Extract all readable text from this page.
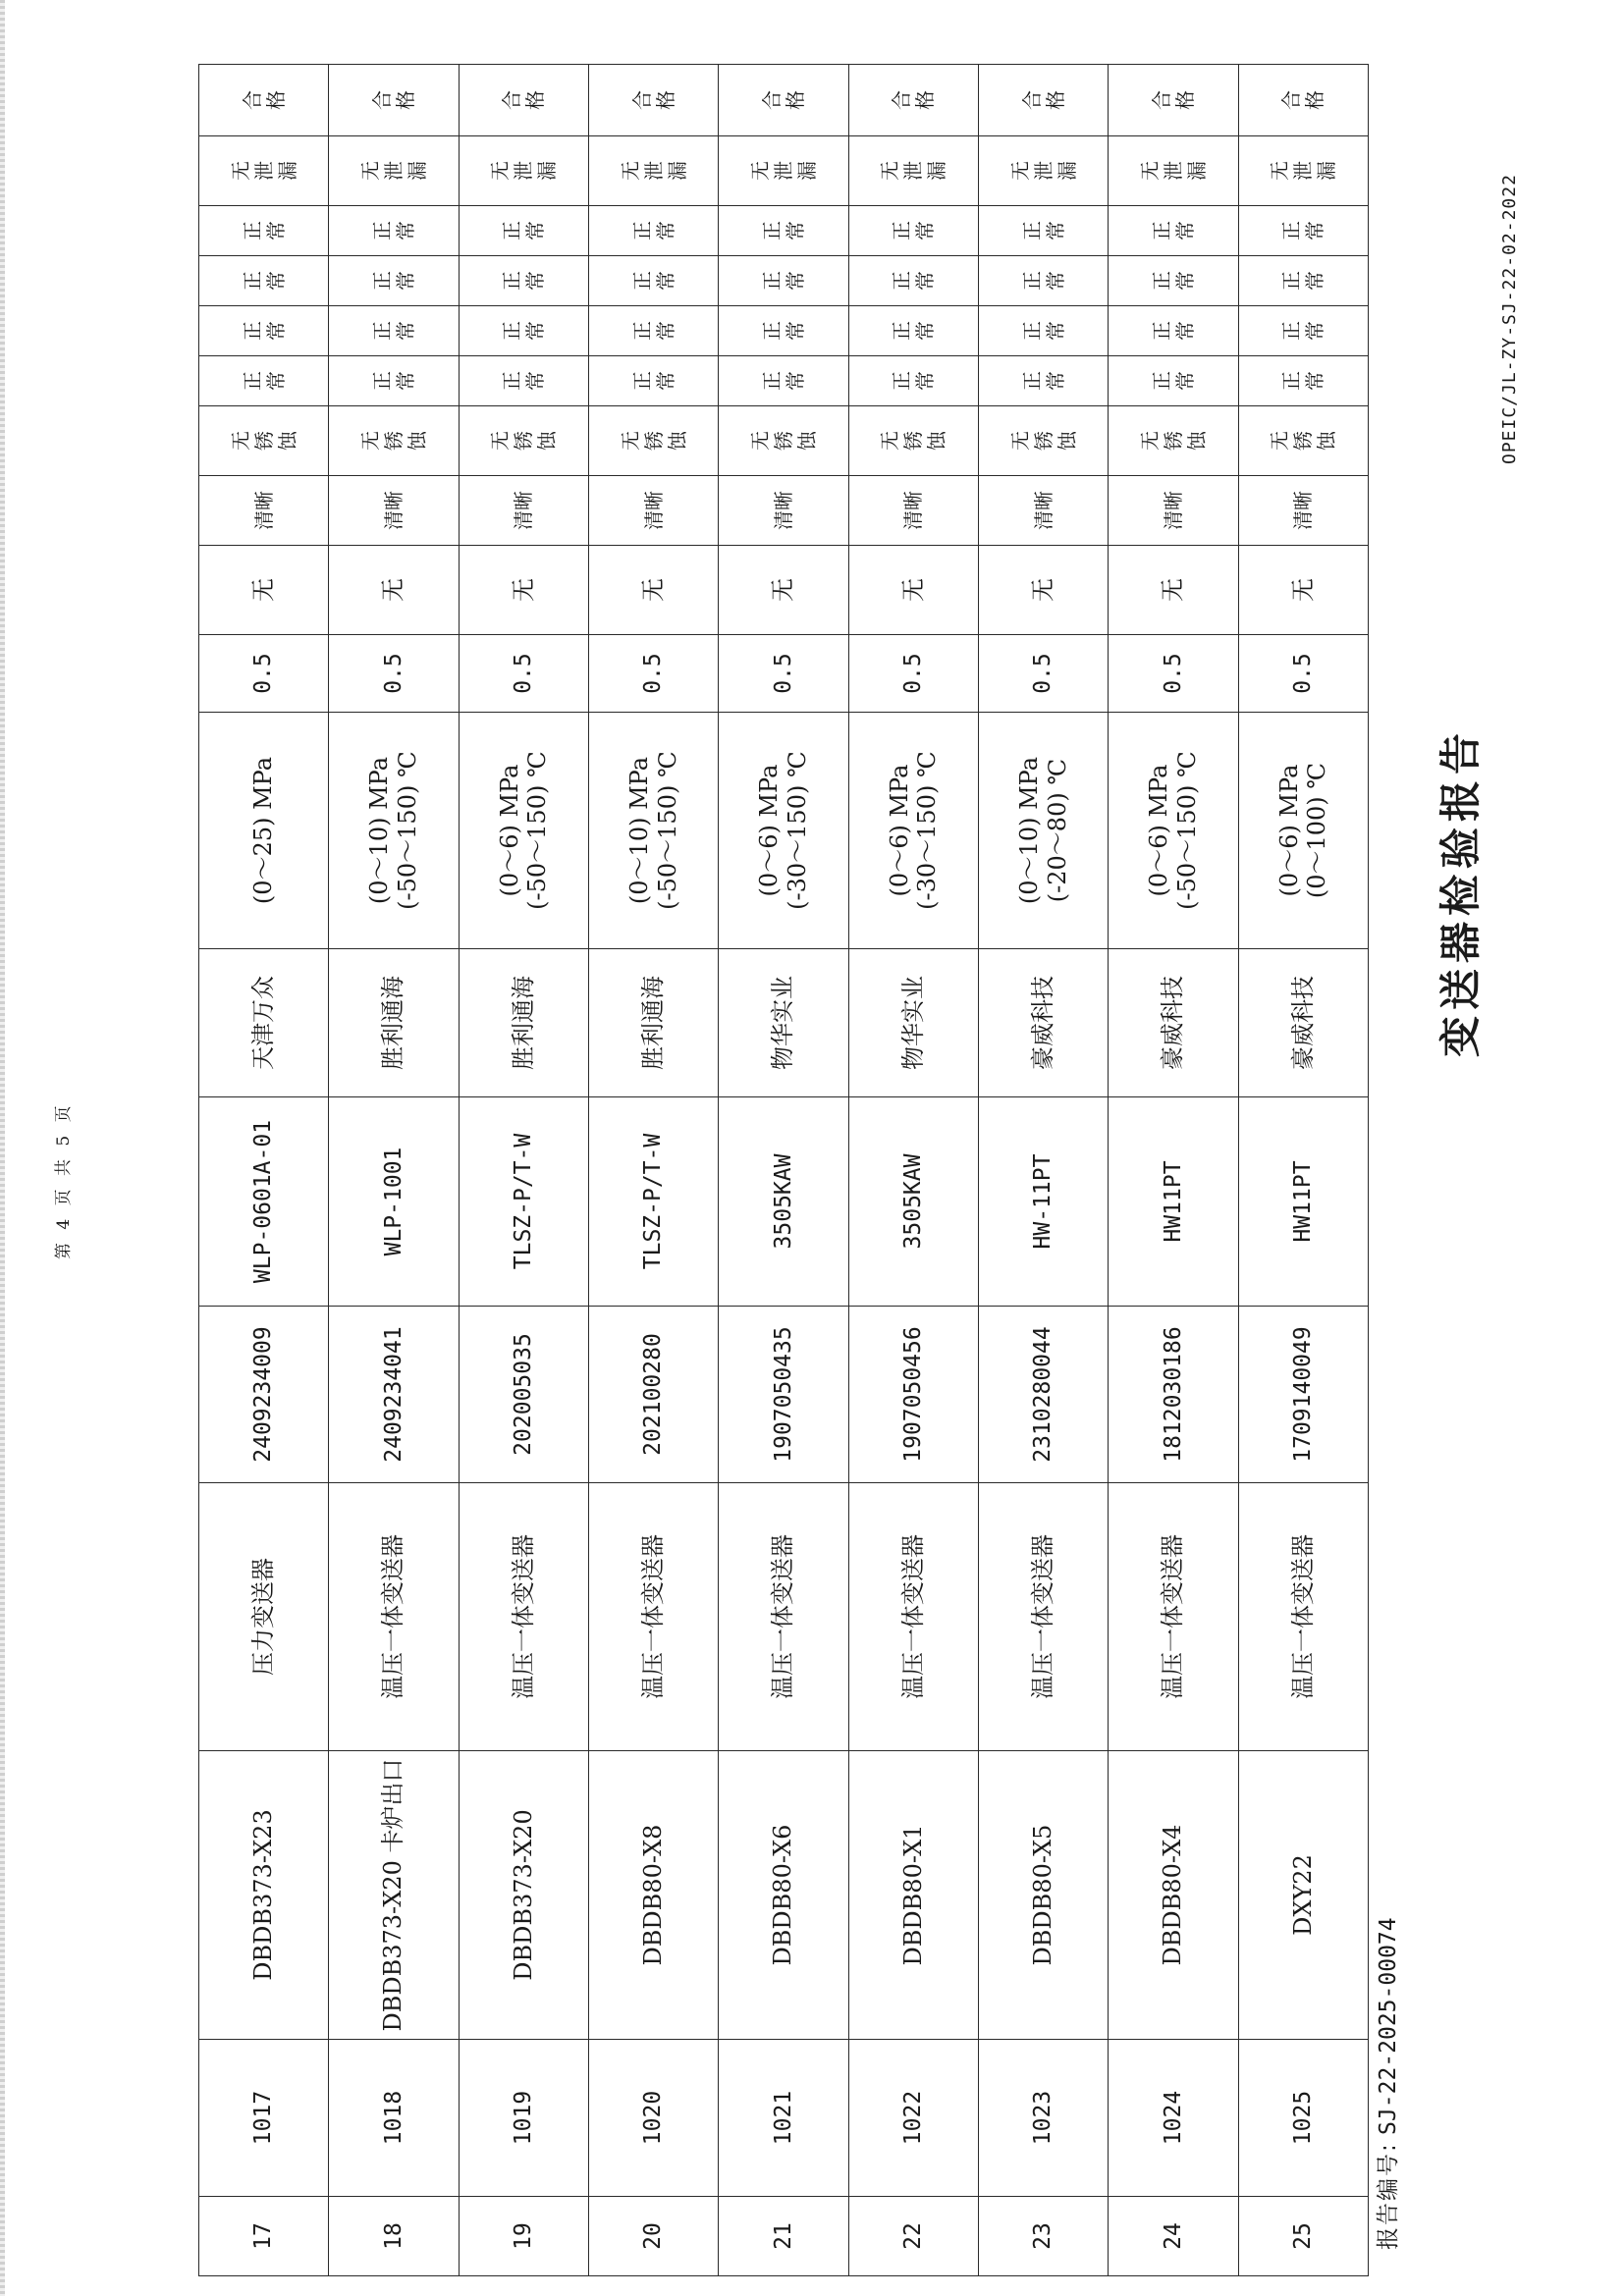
OPEIC/JL-ZY-SJ-22-02-2022
变送器检验报告
报告编号: SJ-22-2025-00074
第 4 页 共 5 页
17	1017	DBDB373-X23	压力变送器	2409234009	WLP-0601A-01	天津万众	(0～25) MPa	0.5	无	清晰	无 锈 蚀	正 常	正 常	正 常	正 常	无 泄 漏	合 格

18	1018	DBDB373-X20 卡炉出口	温压一体变送器	2409234041	WLP-1001	胜利通海	(0～10) MPa (-50～150) ℃	0.5	无	清晰	无 锈 蚀	正 常	正 常	正 常	正 常	无 泄 漏	合 格

19	1019	DBDB373-X20	温压一体变送器	202005035	TLSZ-P/T-W	胜利通海	(0～6) MPa (-50～150) ℃	0.5	无	清晰	无 锈 蚀	正 常	正 常	正 常	正 常	无 泄 漏	合 格

20	1020	DBDB80-X8	温压一体变送器	202100280	TLSZ-P/T-W	胜利通海	(0～10) MPa (-50～150) ℃	0.5	无	清晰	无 锈 蚀	正 常	正 常	正 常	正 常	无 泄 漏	合 格

21	1021	DBDB80-X6	温压一体变送器	1907050435	3505KAW	物华实业	(0～6) MPa (-30～150) ℃	0.5	无	清晰	无 锈 蚀	正 常	正 常	正 常	正 常	无 泄 漏	合 格

22	1022	DBDB80-X1	温压一体变送器	1907050456	3505KAW	物华实业	(0～6) MPa (-30～150) ℃	0.5	无	清晰	无 锈 蚀	正 常	正 常	正 常	正 常	无 泄 漏	合 格

23	1023	DBDB80-X5	温压一体变送器	2310280044	HW-11PT	豪威科技	(0～10) MPa (-20～80) ℃	0.5	无	清晰	无 锈 蚀	正 常	正 常	正 常	正 常	无 泄 漏	合 格

24	1024	DBDB80-X4	温压一体变送器	1812030186	HW11PT	豪威科技	(0～6) MPa (-50～150) ℃	0.5	无	清晰	无 锈 蚀	正 常	正 常	正 常	正 常	无 泄 漏	合 格

25	1025	DXY22	温压一体变送器	1709140049	HW11PT	豪威科技	(0～6) MPa (0～100) ℃	0.5	无	清晰	无 锈 蚀	正 常	正 常	正 常	正 常	无 泄 漏	合 格
